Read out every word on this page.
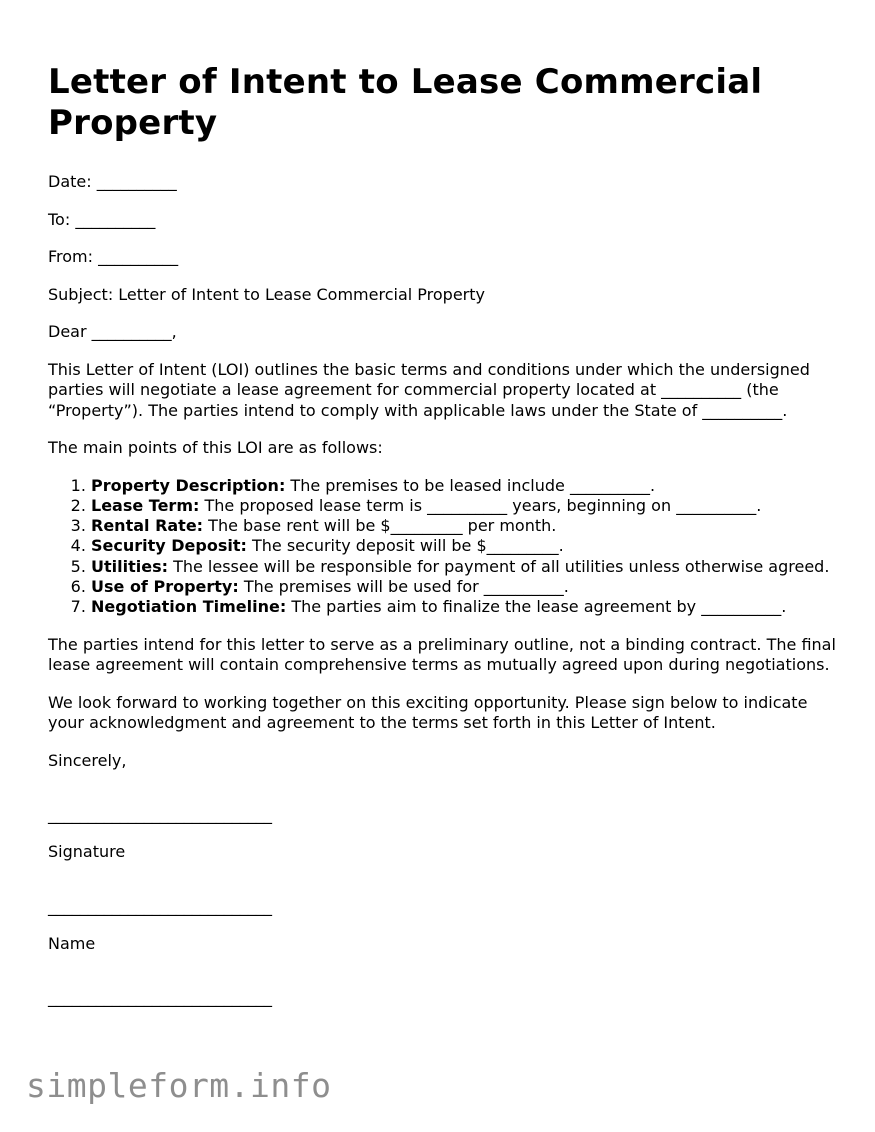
Letter of Intent to Lease Commercial Property

Date: __________

To: __________

From: __________

Subject: Letter of Intent to Lease Commercial Property

Dear __________,

This Letter of Intent (LOI) outlines the basic terms and conditions under which the undersigned parties will negotiate a lease agreement for commercial property located at __________ (the “Property”). The parties intend to comply with applicable laws under the State of __________.

The main points of this LOI are as follows:

1. Property Description: The premises to be leased include __________.
2. Lease Term: The proposed lease term is __________ years, beginning on __________.
3. Rental Rate: The base rent will be $_________ per month.
4. Security Deposit: The security deposit will be $_________.
5. Utilities: The lessee will be responsible for payment of all utilities unless otherwise agreed.
6. Use of Property: The premises will be used for __________.
7. Negotiation Timeline: The parties aim to finalize the lease agreement by __________.

The parties intend for this letter to serve as a preliminary outline, not a binding contract. The final lease agreement will contain comprehensive terms as mutually agreed upon during negotiations.

We look forward to working together on this exciting opportunity. Please sign below to indicate your acknowledgment and agreement to the terms set forth in this Letter of Intent.

Sincerely,

____________________________

Signature

____________________________

Name

____________________________

simpleform.info
